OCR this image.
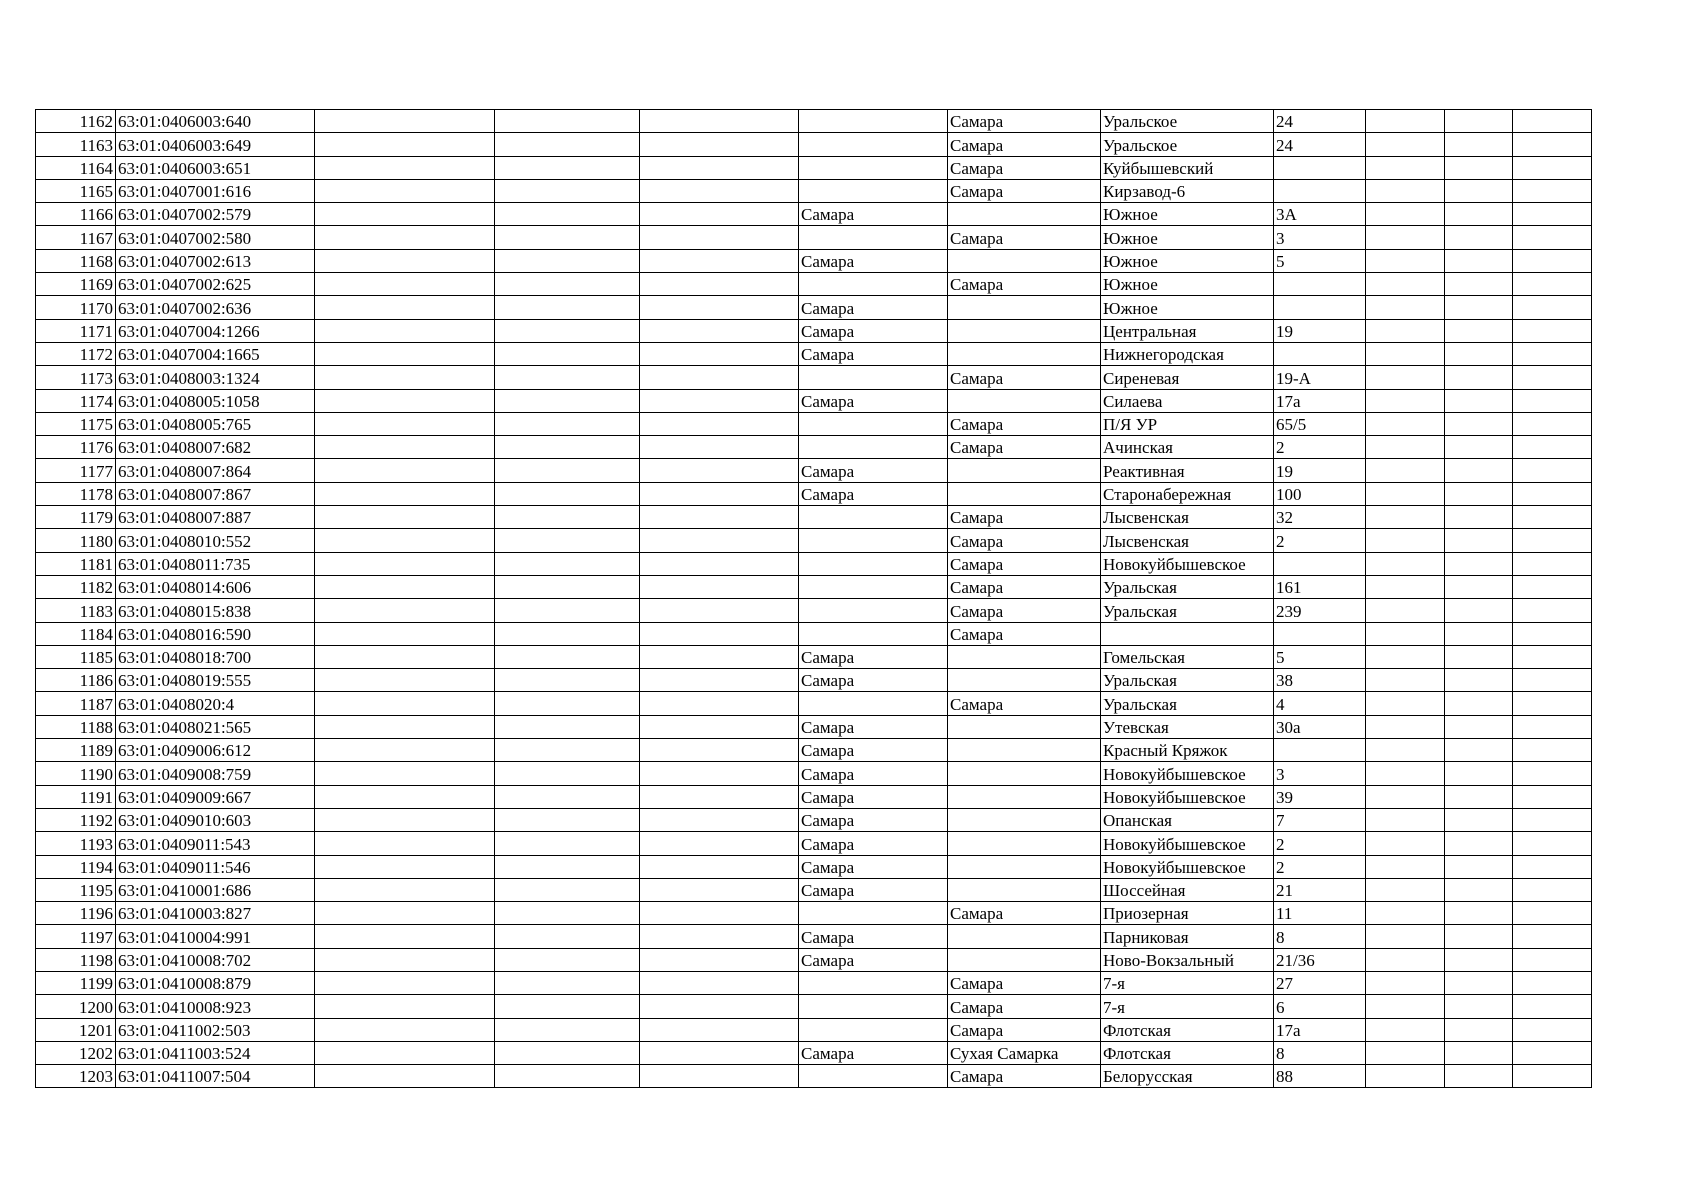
1162	63:01:0406003:640					Самара	Уральское	24			
1163	63:01:0406003:649					Самара	Уральское	24			
1164	63:01:0406003:651					Самара	Куйбышевский				
1165	63:01:0407001:616					Самара	Кирзавод-6				
1166	63:01:0407002:579				Самара		Южное	3А			
1167	63:01:0407002:580					Самара	Южное	3			
1168	63:01:0407002:613				Самара		Южное	5			
1169	63:01:0407002:625					Самара	Южное				
1170	63:01:0407002:636				Самара		Южное				
1171	63:01:0407004:1266				Самара		Центральная	19			
1172	63:01:0407004:1665				Самара		Нижнегородская				
1173	63:01:0408003:1324					Самара	Сиреневая	19-А			
1174	63:01:0408005:1058				Самара		Силаева	17а			
1175	63:01:0408005:765					Самара	П/Я УР	65/5			
1176	63:01:0408007:682					Самара	Ачинская	2			
1177	63:01:0408007:864				Самара		Реактивная	19			
1178	63:01:0408007:867				Самара		Старонабережная	100			
1179	63:01:0408007:887					Самара	Лысвенская	32			
1180	63:01:0408010:552					Самара	Лысвенская	2			
1181	63:01:0408011:735					Самара	Новокуйбышевское				
1182	63:01:0408014:606					Самара	Уральская	161			
1183	63:01:0408015:838					Самара	Уральская	239			
1184	63:01:0408016:590					Самара					
1185	63:01:0408018:700				Самара		Гомельская	5			
1186	63:01:0408019:555				Самара		Уральская	38			
1187	63:01:0408020:4					Самара	Уральская	4			
1188	63:01:0408021:565				Самара		Утевская	30а			
1189	63:01:0409006:612				Самара		Красный Кряжок				
1190	63:01:0409008:759				Самара		Новокуйбышевское	3			
1191	63:01:0409009:667				Самара		Новокуйбышевское	39			
1192	63:01:0409010:603				Самара		Опанская	7			
1193	63:01:0409011:543				Самара		Новокуйбышевское	2			
1194	63:01:0409011:546				Самара		Новокуйбышевское	2			
1195	63:01:0410001:686				Самара		Шоссейная	21			
1196	63:01:0410003:827					Самара	Приозерная	11			
1197	63:01:0410004:991				Самара		Парниковая	8			
1198	63:01:0410008:702				Самара		Ново-Вокзальный	21/36			
1199	63:01:0410008:879					Самара	7-я	27			
1200	63:01:0410008:923					Самара	7-я	6			
1201	63:01:0411002:503					Самара	Флотская	17а			
1202	63:01:0411003:524				Самара	Сухая Самарка	Флотская	8			
1203	63:01:0411007:504					Самара	Белорусская	88			
